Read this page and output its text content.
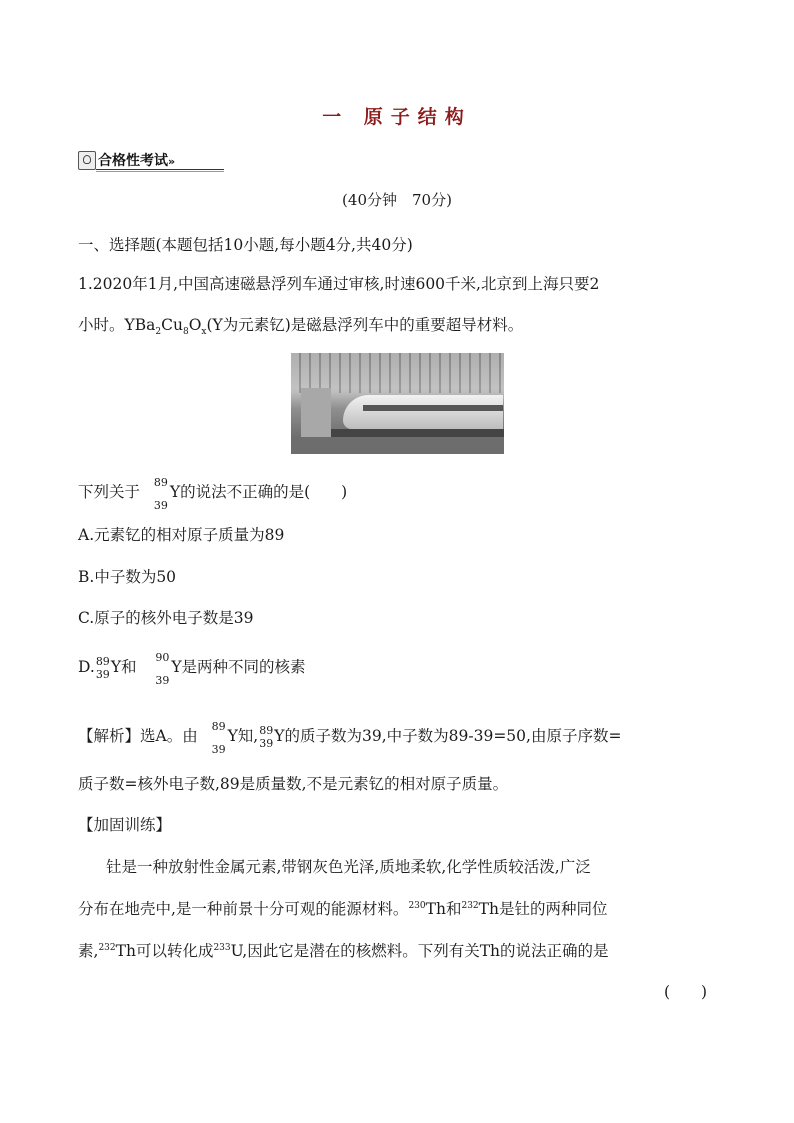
一 原子结构
合格性考试»
(40分钟　70分)
一、选择题(本题包括10小题,每小题4分,共40分)
1.2020年1月,中国高速磁悬浮列车通过审核,时速600千米,北京到上海只要2
小时。$YBa_2Cu_8O_x(Y$为元素钇)是磁悬浮列车中的重要超导材料。
下列关于
89
39
Y的说法不正确的是(　　)
A.元素钇的相对原子质量为89
B.中子数为50
C.原子的核外电子数是39
D. 89
39 Y和
90
39
Y是两种不同的核素
【解析】选A。由
89
39
Y知, 89
39 Y的质子数为39,中子数为89-39=50,由原子序数=
质子数=核外电子数,89是质量数,不是元素钇的相对原子质量。
【加固训练】
钍是一种放射性金属元素,带钢灰色光泽,质地柔软,化学性质较活泼,广泛
分布在地壳中,是一种前景十分可观的能源材料。$^{230}$Th和$^{232}$Th是钍的两种同位
素,$^{232}$Th可以转化成$^{233}$U,因此它是潜在的核燃料。下列有关Th的说法正确的是
(　　)
